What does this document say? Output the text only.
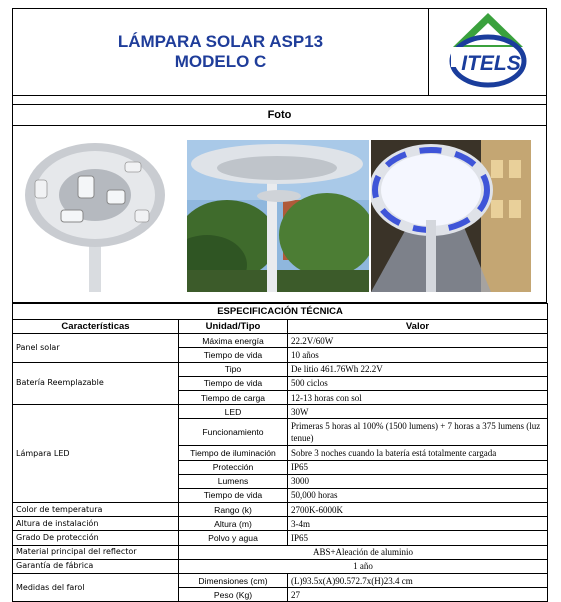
LÁMPARA SOLAR ASP13
MODELO C	ITELS

Foto
ESPECIFICACIÓN TÉCNICA		
Características	Unidad/Tipo	Valor
Panel solar	Máxima energía	22.2V/60W
	Tiempo de vida	10 años
Batería Reemplazable	Tipo	De litio 461.76Wh 22.2V
	Tiempo de vida	500 ciclos
	Tiempo de carga	12-13 horas con sol
Lámpara LED	LED	30W
	Funcionamiento	Primeras 5 horas al 100% (1500 lumens) + 7 horas a 375 lumens (luz tenue)
	Tiempo de iluminación	Sobre 3 noches cuando la batería está totalmente cargada
	Protección	IP65
	Lumens	3000
	Tiempo de vida	50,000 horas
Color de temperatura	Rango (k)	2700K-6000K
Altura de instalación	Altura (m)	3-4m
Grado De protección	Polvo y agua	IP65
Material principal del reflector	ABS+Aleación de aluminio	
Garantía de fábrica	1 año	
Medidas del farol	Dimensiones (cm)	(L)93.5x(A)90.572.7x(H)23.4 cm
	Peso (Kg)	27
